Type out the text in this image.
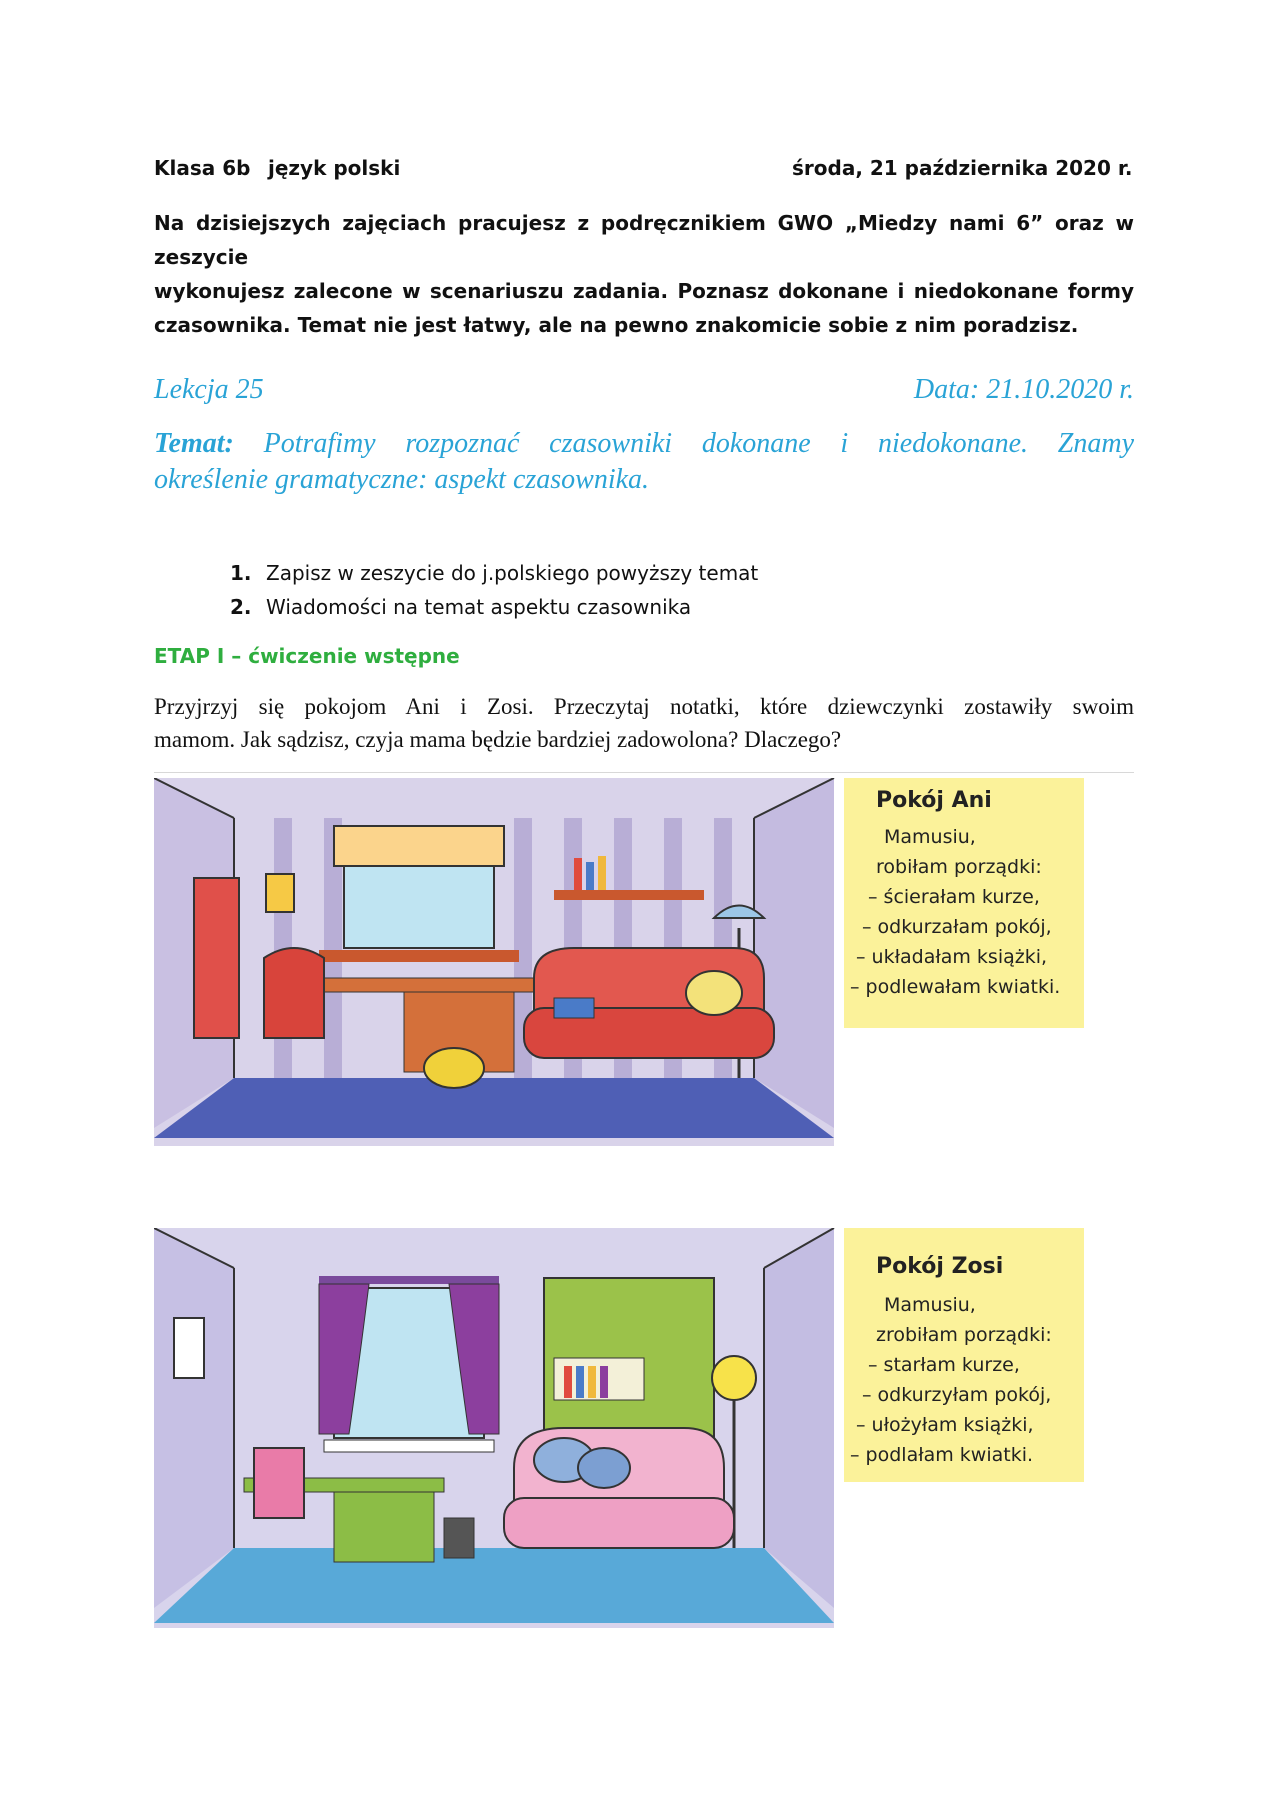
Klasa 6b język polski	środa, 21 października 2020 r.
Na dzisiejszych zajęciach pracujesz z podręcznikiem GWO „Miedzy nami 6” oraz w zeszycie
wykonujesz zalecone w scenariuszu zadania. Poznasz dokonane i niedokonane formy
czasownika. Temat nie jest łatwy, ale na pewno znakomicie sobie z nim poradzisz.
Lekcja 25	Data: 21.10.2020 r.
Temat: Potrafimy rozpoznać czasowniki dokonane i niedokonane. Znamy
określenie gramatyczne: aspekt czasownika.
1. Zapisz w zeszycie do j.polskiego powyższy temat
2. Wiadomości na temat aspektu czasownika
ETAP I – ćwiczenie wstępne
Przyjrzyj się pokojom Ani i Zosi. Przeczytaj notatki, które dziewczynki zostawiły swoim
mamom. Jak sądzisz, czyja mama będzie bardziej zadowolona? Dlaczego?
Pokój Ani
Mamusiu,
robiłam porządki:
– ścierałam kurze,
– odkurzałam pokój,
– układałam książki,
– podlewałam kwiatki.
Pokój Zosi
Mamusiu,
zrobiłam porządki:
– starłam kurze,
– odkurzyłam pokój,
– ułożyłam książki,
– podlałam kwiatki.
